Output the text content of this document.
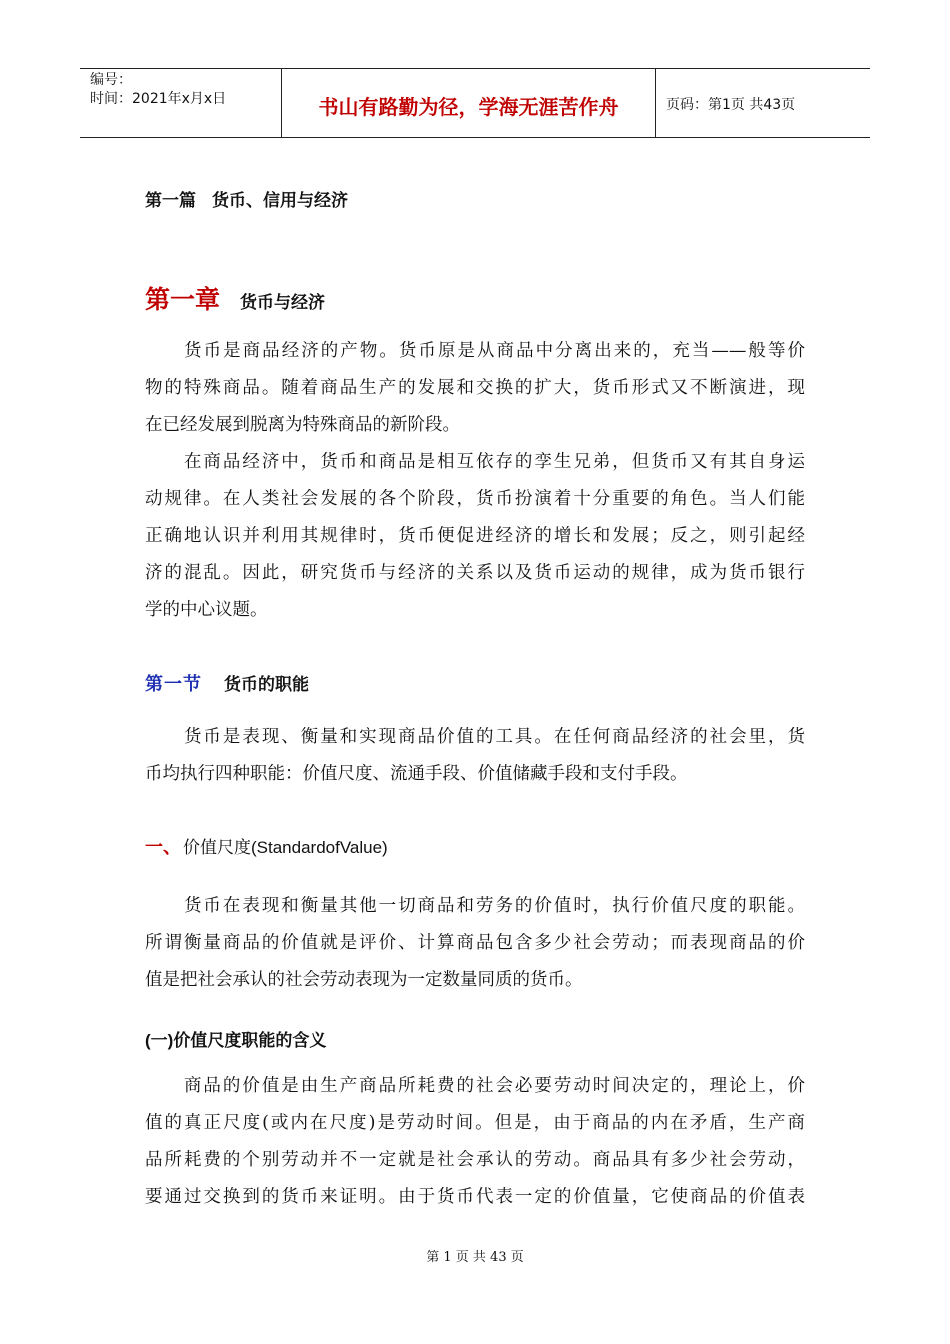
编号：
时间：2021年x月x日	书山有路勤为径，学海无涯苦作舟	页码：第1页 共43页
第一篇 货币、信用与经济
第一章 货币与经济
　　货币是商品经济的产物。货币原是从商品中分离出来的，充当——般等价
物的特殊商品。随着商品生产的发展和交换的扩大，货币形式又不断演进，现
在已经发展到脱离为特殊商品的新阶段。
　　在商品经济中，货币和商品是相互依存的孪生兄弟，但货币又有其自身运
动规律。在人类社会发展的各个阶段，货币扮演着十分重要的角色。当人们能
正确地认识并利用其规律时，货币便促进经济的增长和发展；反之，则引起经
济的混乱。因此，研究货币与经济的关系以及货币运动的规律，成为货币银行
学的中心议题。
第一节 货币的职能
　　货币是表现、衡量和实现商品价值的工具。在任何商品经济的社会里，货
币均执行四种职能：价值尺度、流通手段、价值储藏手段和支付手段。
一、 价值尺度(StandardofValue)
　　货币在表现和衡量其他一切商品和劳务的价值时，执行价值尺度的职能。
所谓衡量商品的价值就是评价、计算商品包含多少社会劳动；而表现商品的价
值是把社会承认的社会劳动表现为一定数量同质的货币。
(一)价值尺度职能的含义
　　商品的价值是由生产商品所耗费的社会必要劳动时间决定的，理论上，价
值的真正尺度(或内在尺度)是劳动时间。但是，由于商品的内在矛盾，生产商
品所耗费的个别劳动并不一定就是社会承认的劳动。商品具有多少社会劳动，
要通过交换到的货币来证明。由于货币代表一定的价值量，它使商品的价值表
第 1 页 共 43 页
